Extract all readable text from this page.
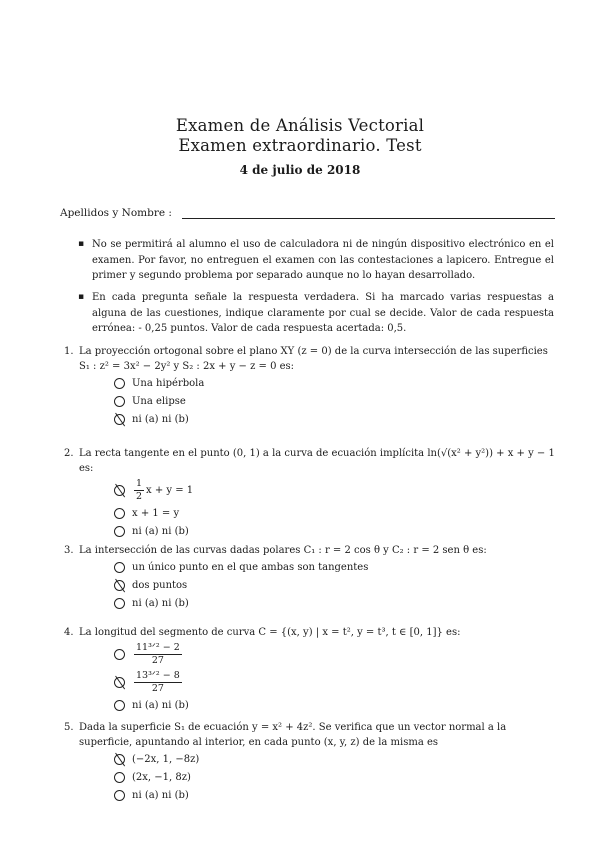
Examen de Análisis Vectorial
Examen extraordinario. Test
4 de julio de 2018
Apellidos y Nombre :
▪ No se permitirá al alumno el uso de calculadora ni de ningún dispositivo electrónico en el examen. Por favor, no entreguen el examen con las contestaciones a lapicero. Entregue el primer y segundo problema por separado aunque no lo hayan desarrollado.
▪ En cada pregunta señale la respuesta verdadera. Si ha marcado varias respuestas a alguna de las cuestiones, indique claramente por cual se decide. Valor de cada respuesta errónea: - 0,25 puntos. Valor de cada respuesta acertada: 0,5.
1. La proyección ortogonal sobre el plano XY (z = 0) de la curva intersección de las superficies S₁ : z² = 3x² − 2y² y S₂ : 2x + y − z = 0 es:
Una hipérbola
Una elipse
ni (a) ni (b)
2. La recta tangente en el punto (0, 1) a la curva de ecuación implícita ln(√(x² + y²)) + x + y − 1 es:
$\frac{1}{2}$ x + y = 1
x + 1 = y
ni (a) ni (b)
3. La intersección de las curvas dadas polares C₁ : r = 2 cos θ y C₂ : r = 2 sen θ es:
un único punto en el que ambas son tangentes
dos puntos
ni (a) ni (b)
4. La longitud del segmento de curva C = {(x, y) | x = t², y = t³, t ∈ [0, 1]} es:
$\frac{\text{11³ᐟ² − 2}}{27}$
$\frac{\text{13³ᐟ² − 8}}{27}$
ni (a) ni (b)
5. Dada la superficie S₁ de ecuación y = x² + 4z². Se verifica que un vector normal a la superficie, apuntando al interior, en cada punto (x, y, z) de la misma es
(−2x, 1, −8z)
(2x, −1, 8z)
ni (a) ni (b)
